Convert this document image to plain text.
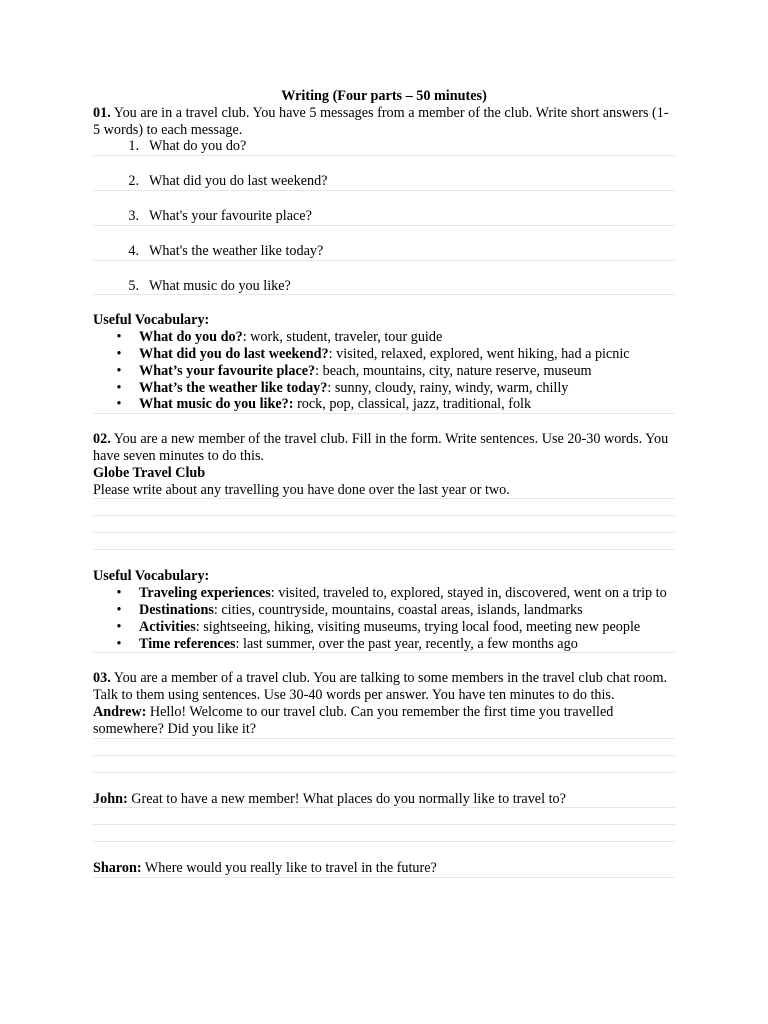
Writing (Four parts – 50 minutes)

01. You are in a travel club. You have 5 messages from a member of the club. Write short answers (1-5 words) to each message.

1. What do you do?
2. What did you do last weekend?
3. What's your favourite place?
4. What's the weather like today?
5. What music do you like?

Useful Vocabulary:

•	What do you do?: work, student, traveler, tour guide
•	What did you do last weekend?: visited, relaxed, explored, went hiking, had a picnic
•	What’s your favourite place?: beach, mountains, city, nature reserve, museum
•	What’s the weather like today?: sunny, cloudy, rainy, windy, warm, chilly
•	What music do you like?: rock, pop, classical, jazz, traditional, folk

02. You are a new member of the travel club. Fill in the form. Write sentences. Use 20-30 words. You have seven minutes to do this.

Globe Travel Club

Please write about any travelling you have done over the last year or two.

Useful Vocabulary:

•	Traveling experiences: visited, traveled to, explored, stayed in, discovered, went on a trip to
•	Destinations: cities, countryside, mountains, coastal areas, islands, landmarks
•	Activities: sightseeing, hiking, visiting museums, trying local food, meeting new people
•	Time references: last summer, over the past year, recently, a few months ago

03. You are a member of a travel club. You are talking to some members in the travel club chat room. Talk to them using sentences. Use 30-40 words per answer. You have ten minutes to do this.

Andrew: Hello! Welcome to our travel club. Can you remember the first time you travelled somewhere? Did you like it?

John: Great to have a new member! What places do you normally like to travel to?

Sharon: Where would you really like to travel in the future?
